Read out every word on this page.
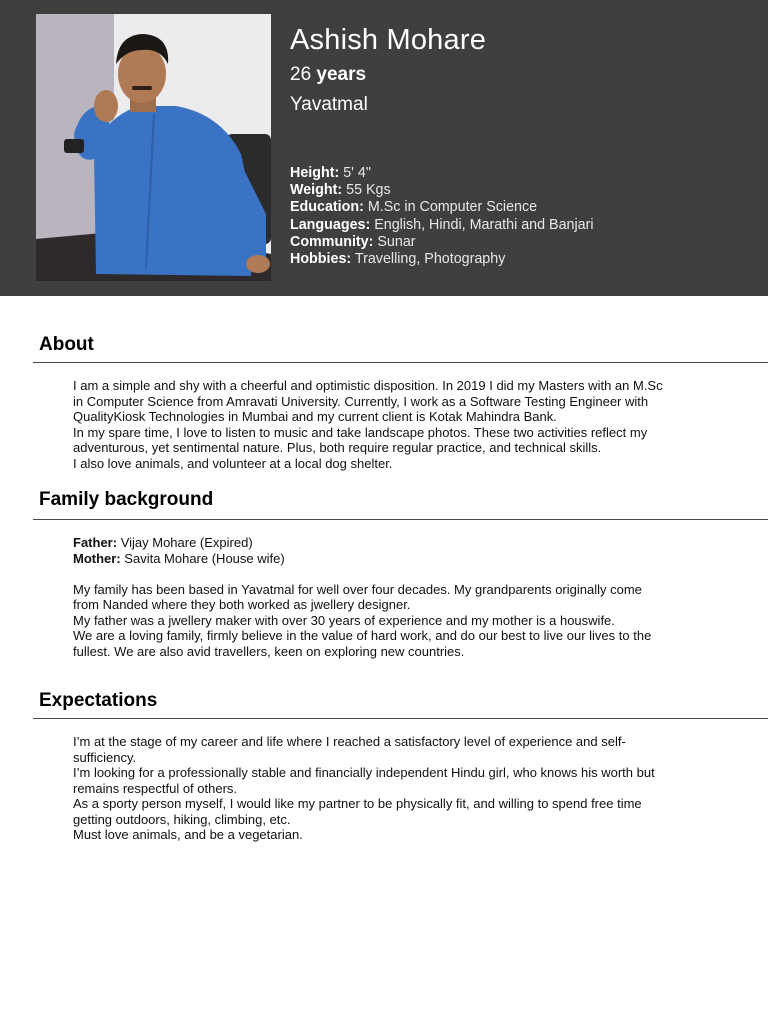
Ashish Mohare
26 years
Yavatmal
Height: 5' 4"
Weight: 55 Kgs
Education: M.Sc in Computer Science
Languages: English, Hindi, Marathi and Banjari
Community: Sunar
Hobbies: Travelling, Photography
About

I am a simple and shy with a cheerful and optimistic disposition. In 2019 I did my Masters with an M.Sc

in Computer Science from Amravati University. Currently, I work as a Software Testing Engineer with

QualityKiosk Technologies in Mumbai and my current client is Kotak Mahindra Bank.

In my spare time, I love to listen to music and take landscape photos. These two activities reflect my

adventurous, yet sentimental nature. Plus, both require regular practice, and technical skills.

I also love animals, and volunteer at a local dog shelter.

Family background

Father: Vijay Mohare (Expired)

Mother: Savita Mohare (House wife)

My family has been based in Yavatmal for well over four decades. My grandparents originally come

from Nanded where they both worked as jwellery designer.

My father was a jwellery maker with over 30 years of experience and my mother is a houswife.

We are a loving family, firmly believe in the value of hard work, and do our best to live our lives to the

fullest. We are also avid travellers, keen on exploring new countries.

Expectations

I’m at the stage of my career and life where I reached a satisfactory level of experience and self-

sufficiency.

I’m looking for a professionally stable and financially independent Hindu girl, who knows his worth but

remains respectful of others.

As a sporty person myself, I would like my partner to be physically fit, and willing to spend free time

getting outdoors, hiking, climbing, etc.

Must love animals, and be a vegetarian.
